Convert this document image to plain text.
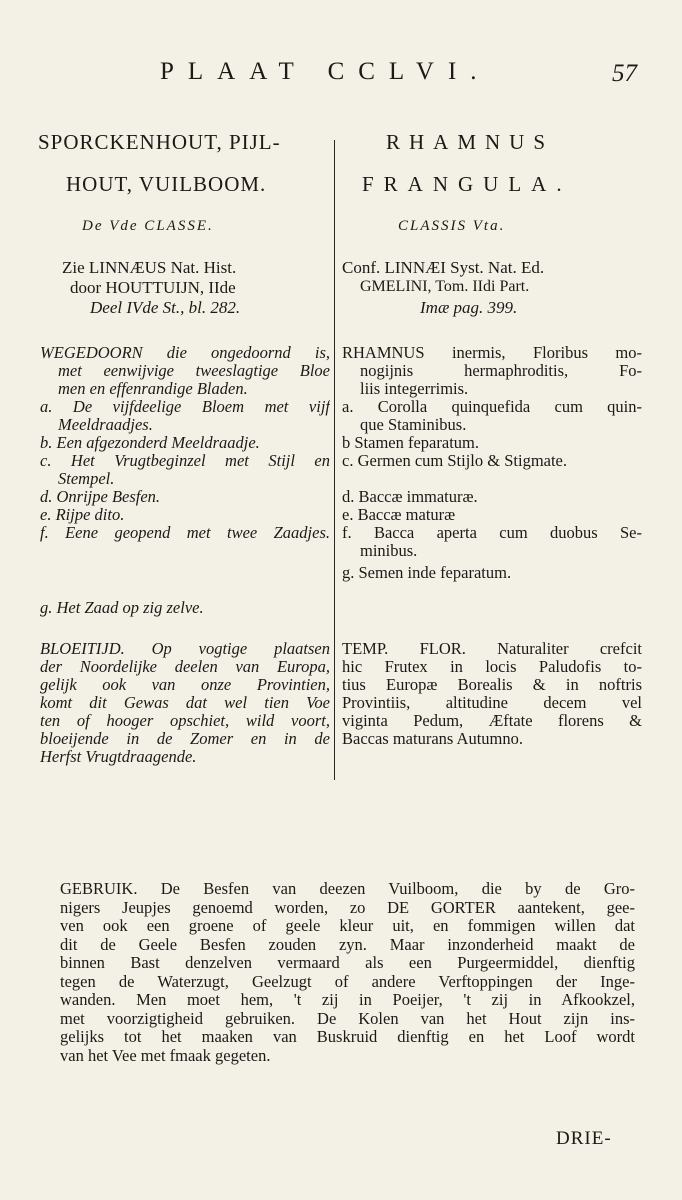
PLAAT CCLVI.	57
SPORCKENHOUT, PIJL-
HOUT, VUILBOOM.
De Vde CLASSE.
Zie LINNÆUS Nat. Hist.
door HOUTTUIJN, IIde
Deel IVde St., bl. 282.
WEGEDOORN die ongedoornd is,
met eenwijvige tweeslagtige Bloe
men en effenrandige Bladen.
a. De vijfdeelige Bloem met vijf
Meeldraadjes.
b. Een afgezonderd Meeldraadje.
c. Het Vrugtbeginzel met Stijl en
Stempel.
d. Onrijpe Besfen.
e. Rijpe dito.
f. Eene geopend met twee Zaadjes.
g. Het Zaad op zig zelve.
BLOEITIJD. Op vogtige plaatsen
der Noordelijke deelen van Europa,
gelijk ook van onze Provintien,
komt dit Gewas dat wel tien Voe
ten of hooger opschiet, wild voort,
bloeijende in de Zomer en in de
Herfst Vrugtdraagende.
RHAMNUS
FRANGULA.
CLASSIS Vta.
Conf. LINNÆI Syst. Nat. Ed.
GMELINI, Tom. IIdi Part.
Imæ pag. 399.
RHAMNUS inermis, Floribus mo-
nogijnis hermaphroditis, Fo-
liis integerrimis.
a. Corolla quinquefida cum quin-
que Staminibus.
b Stamen feparatum.
c. Germen cum Stijlo & Stigmate.
d. Baccæ immaturæ.
e. Baccæ maturæ
f. Bacca aperta cum duobus Se-
minibus.
g. Semen inde feparatum.
TEMP. FLOR. Naturaliter crefcit
hic Frutex in locis Paludofis to-
tius Europæ Borealis & in noftris
Provintiis, altitudine decem vel
viginta Pedum, Æftate florens &
Baccas maturans Autumno.
GEBRUIK. De Besfen van deezen Vuilboom, die by de Gro-
nigers Jeupjes genoemd worden, zo DE GORTER aantekent, gee-
ven ook een groene of geele kleur uit, en fommigen willen dat
dit de Geele Besfen zouden zyn. Maar inzonderheid maakt de
binnen Bast denzelven vermaard als een Purgeermiddel, dienftig
tegen de Waterzugt, Geelzugt of andere Verftoppingen der Inge-
wanden. Men moet hem, 't zij in Poeijer, 't zij in Afkookzel,
met voorzigtigheid gebruiken. De Kolen van het Hout zijn ins-
gelijks tot het maaken van Buskruid dienftig en het Loof wordt
van het Vee met fmaak gegeten.
DRIE-
